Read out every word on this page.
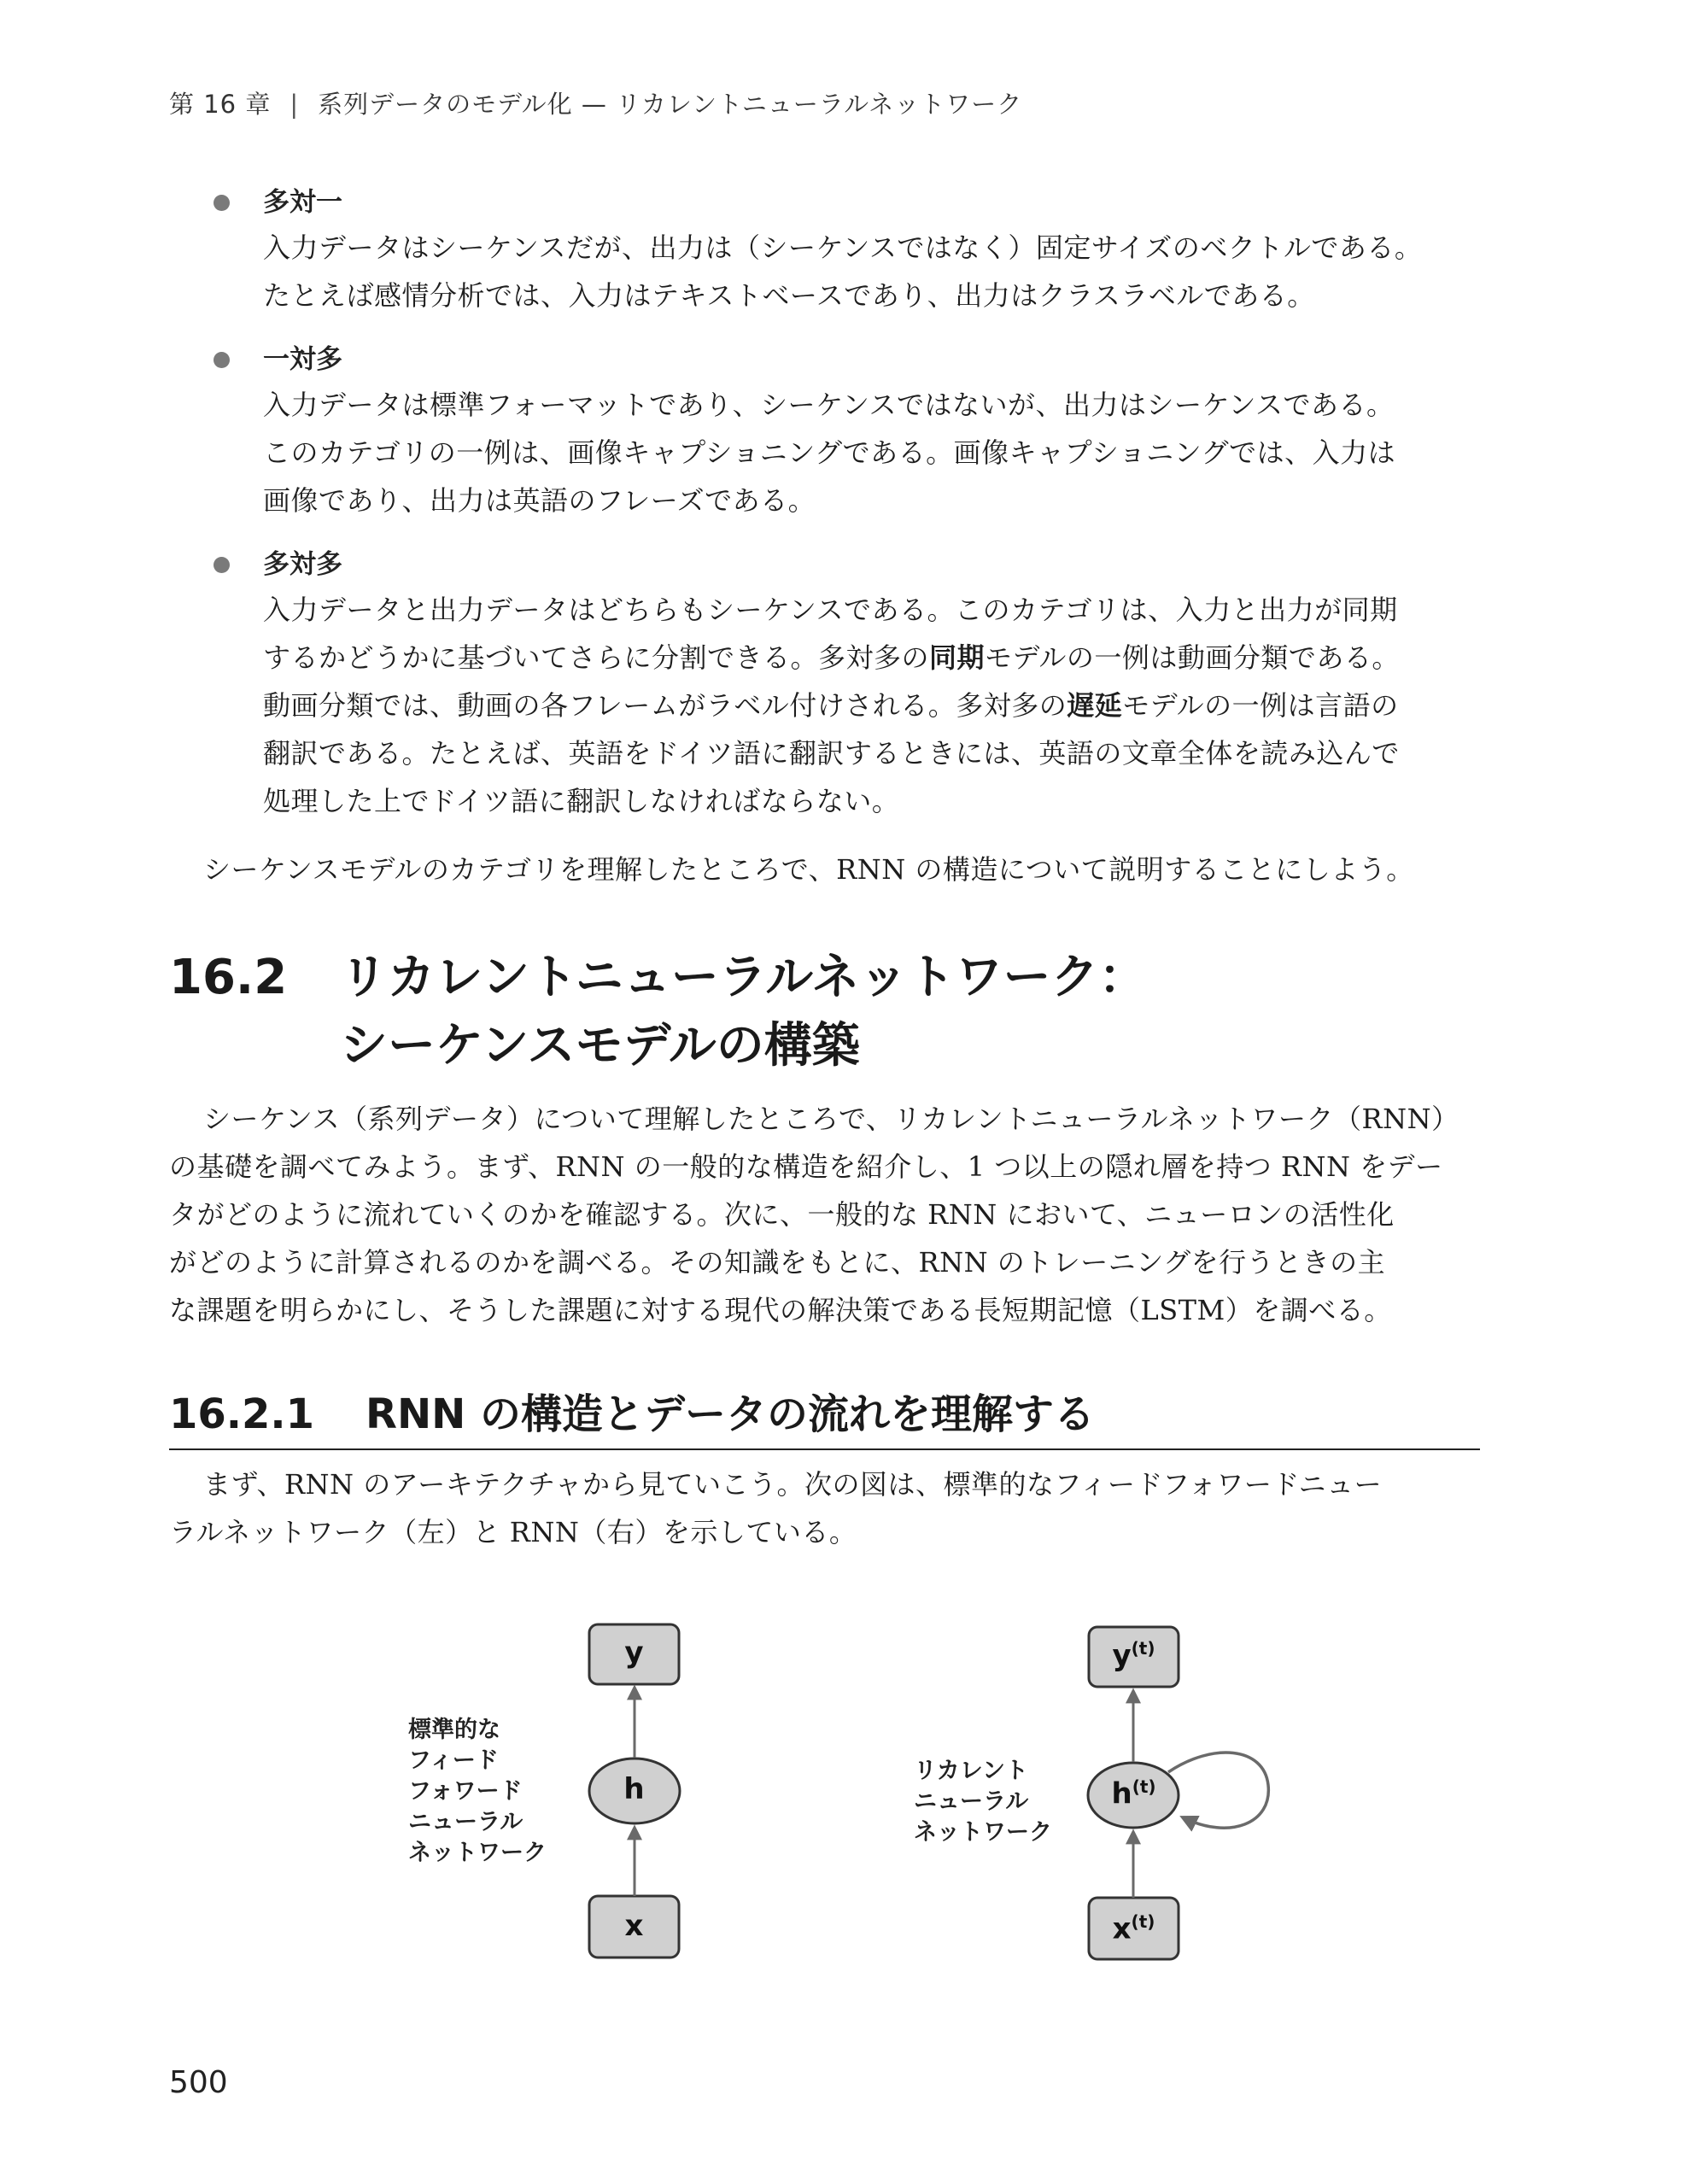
第 16 章 | 系列データのモデル化 — リカレントニューラルネットワーク
多対一
入力データはシーケンスだが、出力は（シーケンスではなく）固定サイズのベクトルである。
たとえば感情分析では、入力はテキストベースであり、出力はクラスラベルである。
一対多
入力データは標準フォーマットであり、シーケンスではないが、出力はシーケンスである。
このカテゴリの一例は、画像キャプショニングである。画像キャプショニングでは、入力は
画像であり、出力は英語のフレーズである。
多対多
入力データと出力データはどちらもシーケンスである。このカテゴリは、入力と出力が同期
するかどうかに基づいてさらに分割できる。多対多の同期モデルの一例は動画分類である。
動画分類では、動画の各フレームがラベル付けされる。多対多の遅延モデルの一例は言語の
翻訳である。たとえば、英語をドイツ語に翻訳するときには、英語の文章全体を読み込んで
処理した上でドイツ語に翻訳しなければならない。
シーケンスモデルのカテゴリを理解したところで、RNN の構造について説明することにしよう。
16.2 リカレントニューラルネットワーク：
シーケンスモデルの構築
シーケンス（系列データ）について理解したところで、リカレントニューラルネットワーク（RNN）
の基礎を調べてみよう。まず、RNN の一般的な構造を紹介し、1 つ以上の隠れ層を持つ RNN をデー
タがどのように流れていくのかを確認する。次に、一般的な RNN において、ニューロンの活性化
がどのように計算されるのかを調べる。その知識をもとに、RNN のトレーニングを行うときの主
な課題を明らかにし、そうした課題に対する現代の解決策である長短期記憶（LSTM）を調べる。
16.2.1 RNN の構造とデータの流れを理解する
まず、RNN のアーキテクチャから見ていこう。次の図は、標準的なフィードフォワードニュー
ラルネットワーク（左）と RNN（右）を示している。
標準的な
フィード
フォワード
ニューラル
ネットワーク
リカレント
ニューラル
ネットワーク
y
h
x
$y^{(t)}$
$h^{(t)}$
$x^{(t)}$
500
